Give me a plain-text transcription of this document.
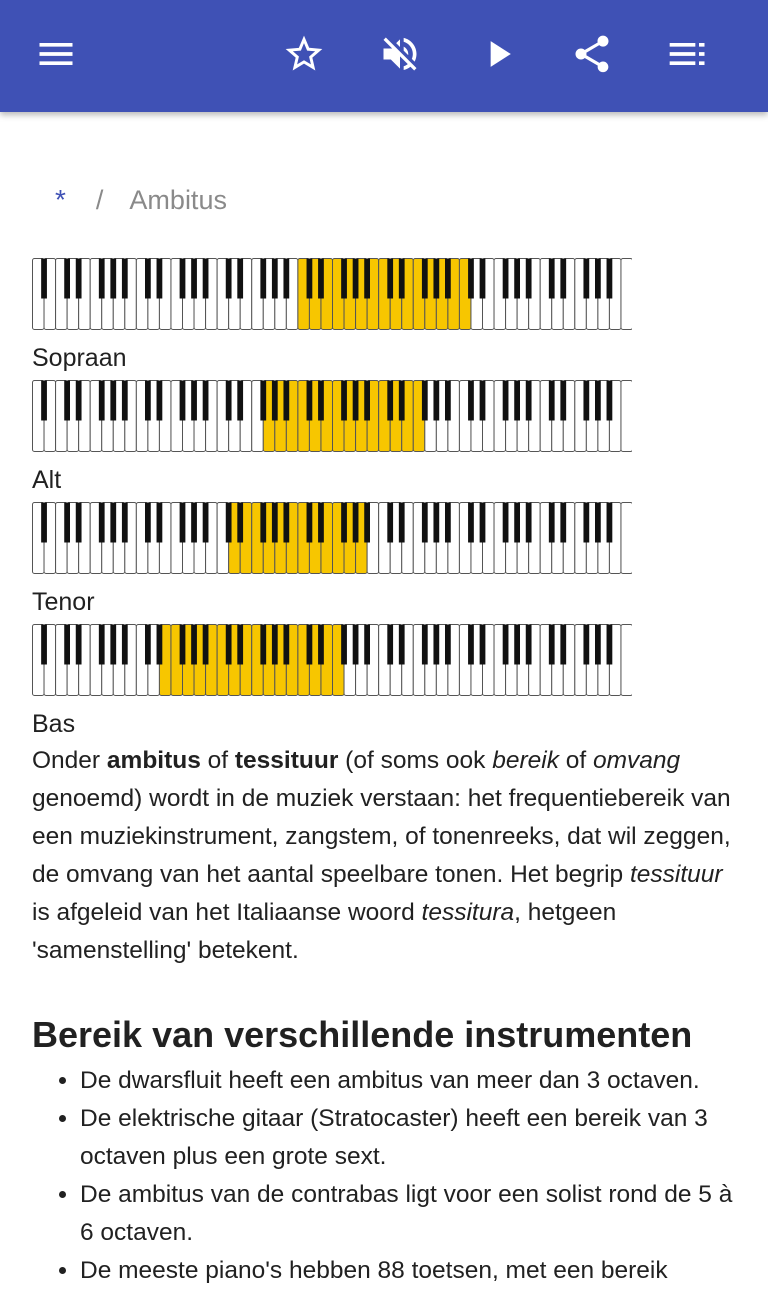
* / Ambitus
Sopraan
Alt
Tenor
Bas

Onder ambitus of tessituur (of soms ook bereik of omvang genoemd) wordt in de muziek verstaan: het frequentiebereik van een muziekinstrument, zangstem, of tonenreeks, dat wil zeggen, de omvang van het aantal speelbare tonen. Het begrip tessituur is afgeleid van het Italiaanse woord tessitura, hetgeen 'samenstelling' betekent.

Bereik van verschillende instrumenten
• De dwarsfluit heeft een ambitus van meer dan 3 octaven.
• De elektrische gitaar (Stratocaster) heeft een bereik van 3 octaven plus een grote sext.
• De ambitus van de contrabas ligt voor een solist rond de 5 à 6 octaven.
• De meeste piano's hebben 88 toetsen, met een bereik
